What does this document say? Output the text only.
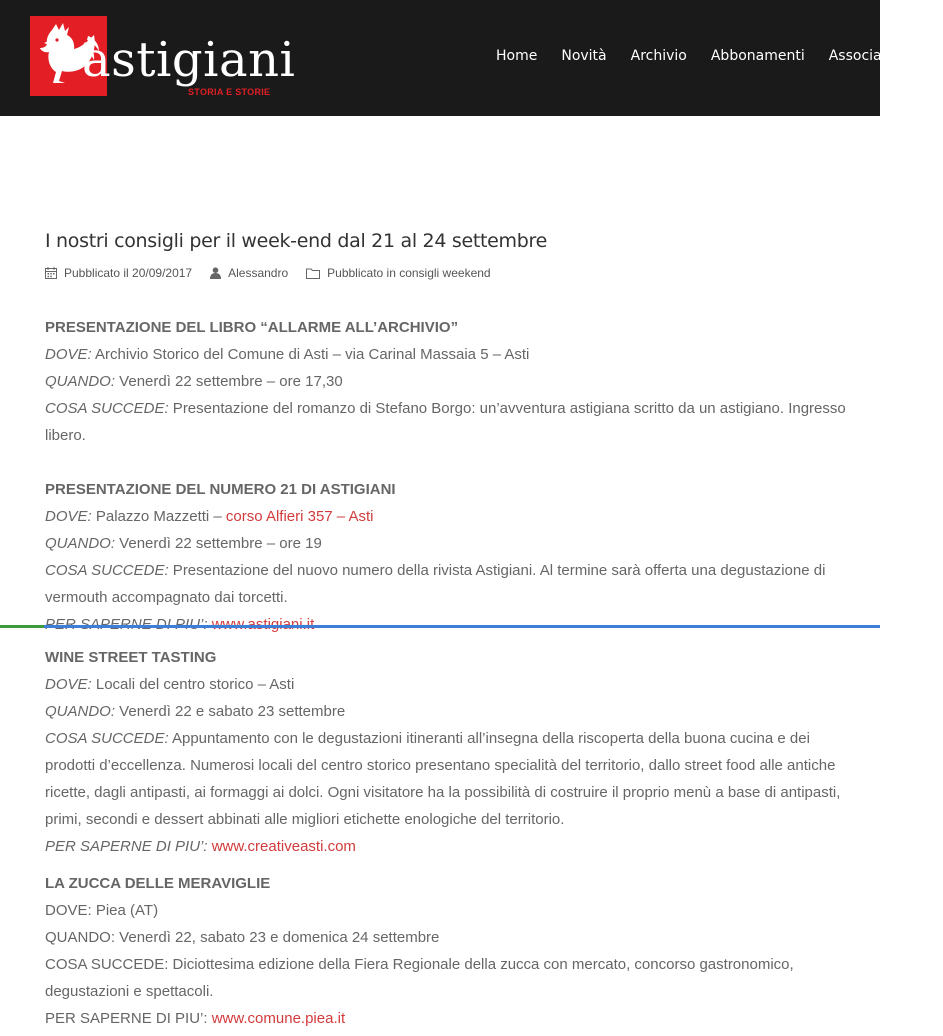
astigiani
STORIA E STORIE
Home Novità Archivio Abbonamenti Associazione
I nostri consigli per il week-end dal 21 al 24 settembre
Pubblicato il 20/09/2017	Alessandro	Pubblicato in consigli weekend
PRESENTAZIONE DEL LIBRO “ALLARME ALL’ARCHIVIO”
DOVE: Archivio Storico del Comune di Asti – via Carinal Massaia 5 – Asti
QUANDO: Venerdì 22 settembre – ore 17,30
COSA SUCCEDE: Presentazione del romanzo di Stefano Borgo: un’avventura astigiana scritto da un astigiano. Ingresso libero.
PRESENTAZIONE DEL NUMERO 21 DI ASTIGIANI
DOVE: Palazzo Mazzetti – corso Alfieri 357 – Asti
QUANDO: Venerdì 22 settembre – ore 19
COSA SUCCEDE: Presentazione del nuovo numero della rivista Astigiani. Al termine sarà offerta una degustazione di vermouth accompagnato dai torcetti.
WINE STREET TASTING
DOVE: Locali del centro storico – Asti
QUANDO: Venerdì 22 e sabato 23 settembre
COSA SUCCEDE: Appuntamento con le degustazioni itineranti all’insegna della riscoperta della buona cucina e dei prodotti d’eccellenza. Numerosi locali del centro storico presentano specialità del territorio, dallo street food alle antiche ricette, dagli antipasti, ai formaggi ai dolci. Ogni visitatore ha la possibilità di costruire il proprio menù a base di antipasti, primi, secondi e dessert abbinati alle migliori etichette enologiche del territorio.
PER SAPERNE DI PIU’: www.creativeasti.com
LA ZUCCA DELLE MERAVIGLIE
DOVE: Piea (AT)
QUANDO: Venerdì 22, sabato 23 e domenica 24 settembre
COSA SUCCEDE: Diciottesima edizione della Fiera Regionale della zucca con mercato, concorso gastronomico, degustazioni e spettacoli.
PER SAPERNE DI PIU’: www.comune.piea.it
